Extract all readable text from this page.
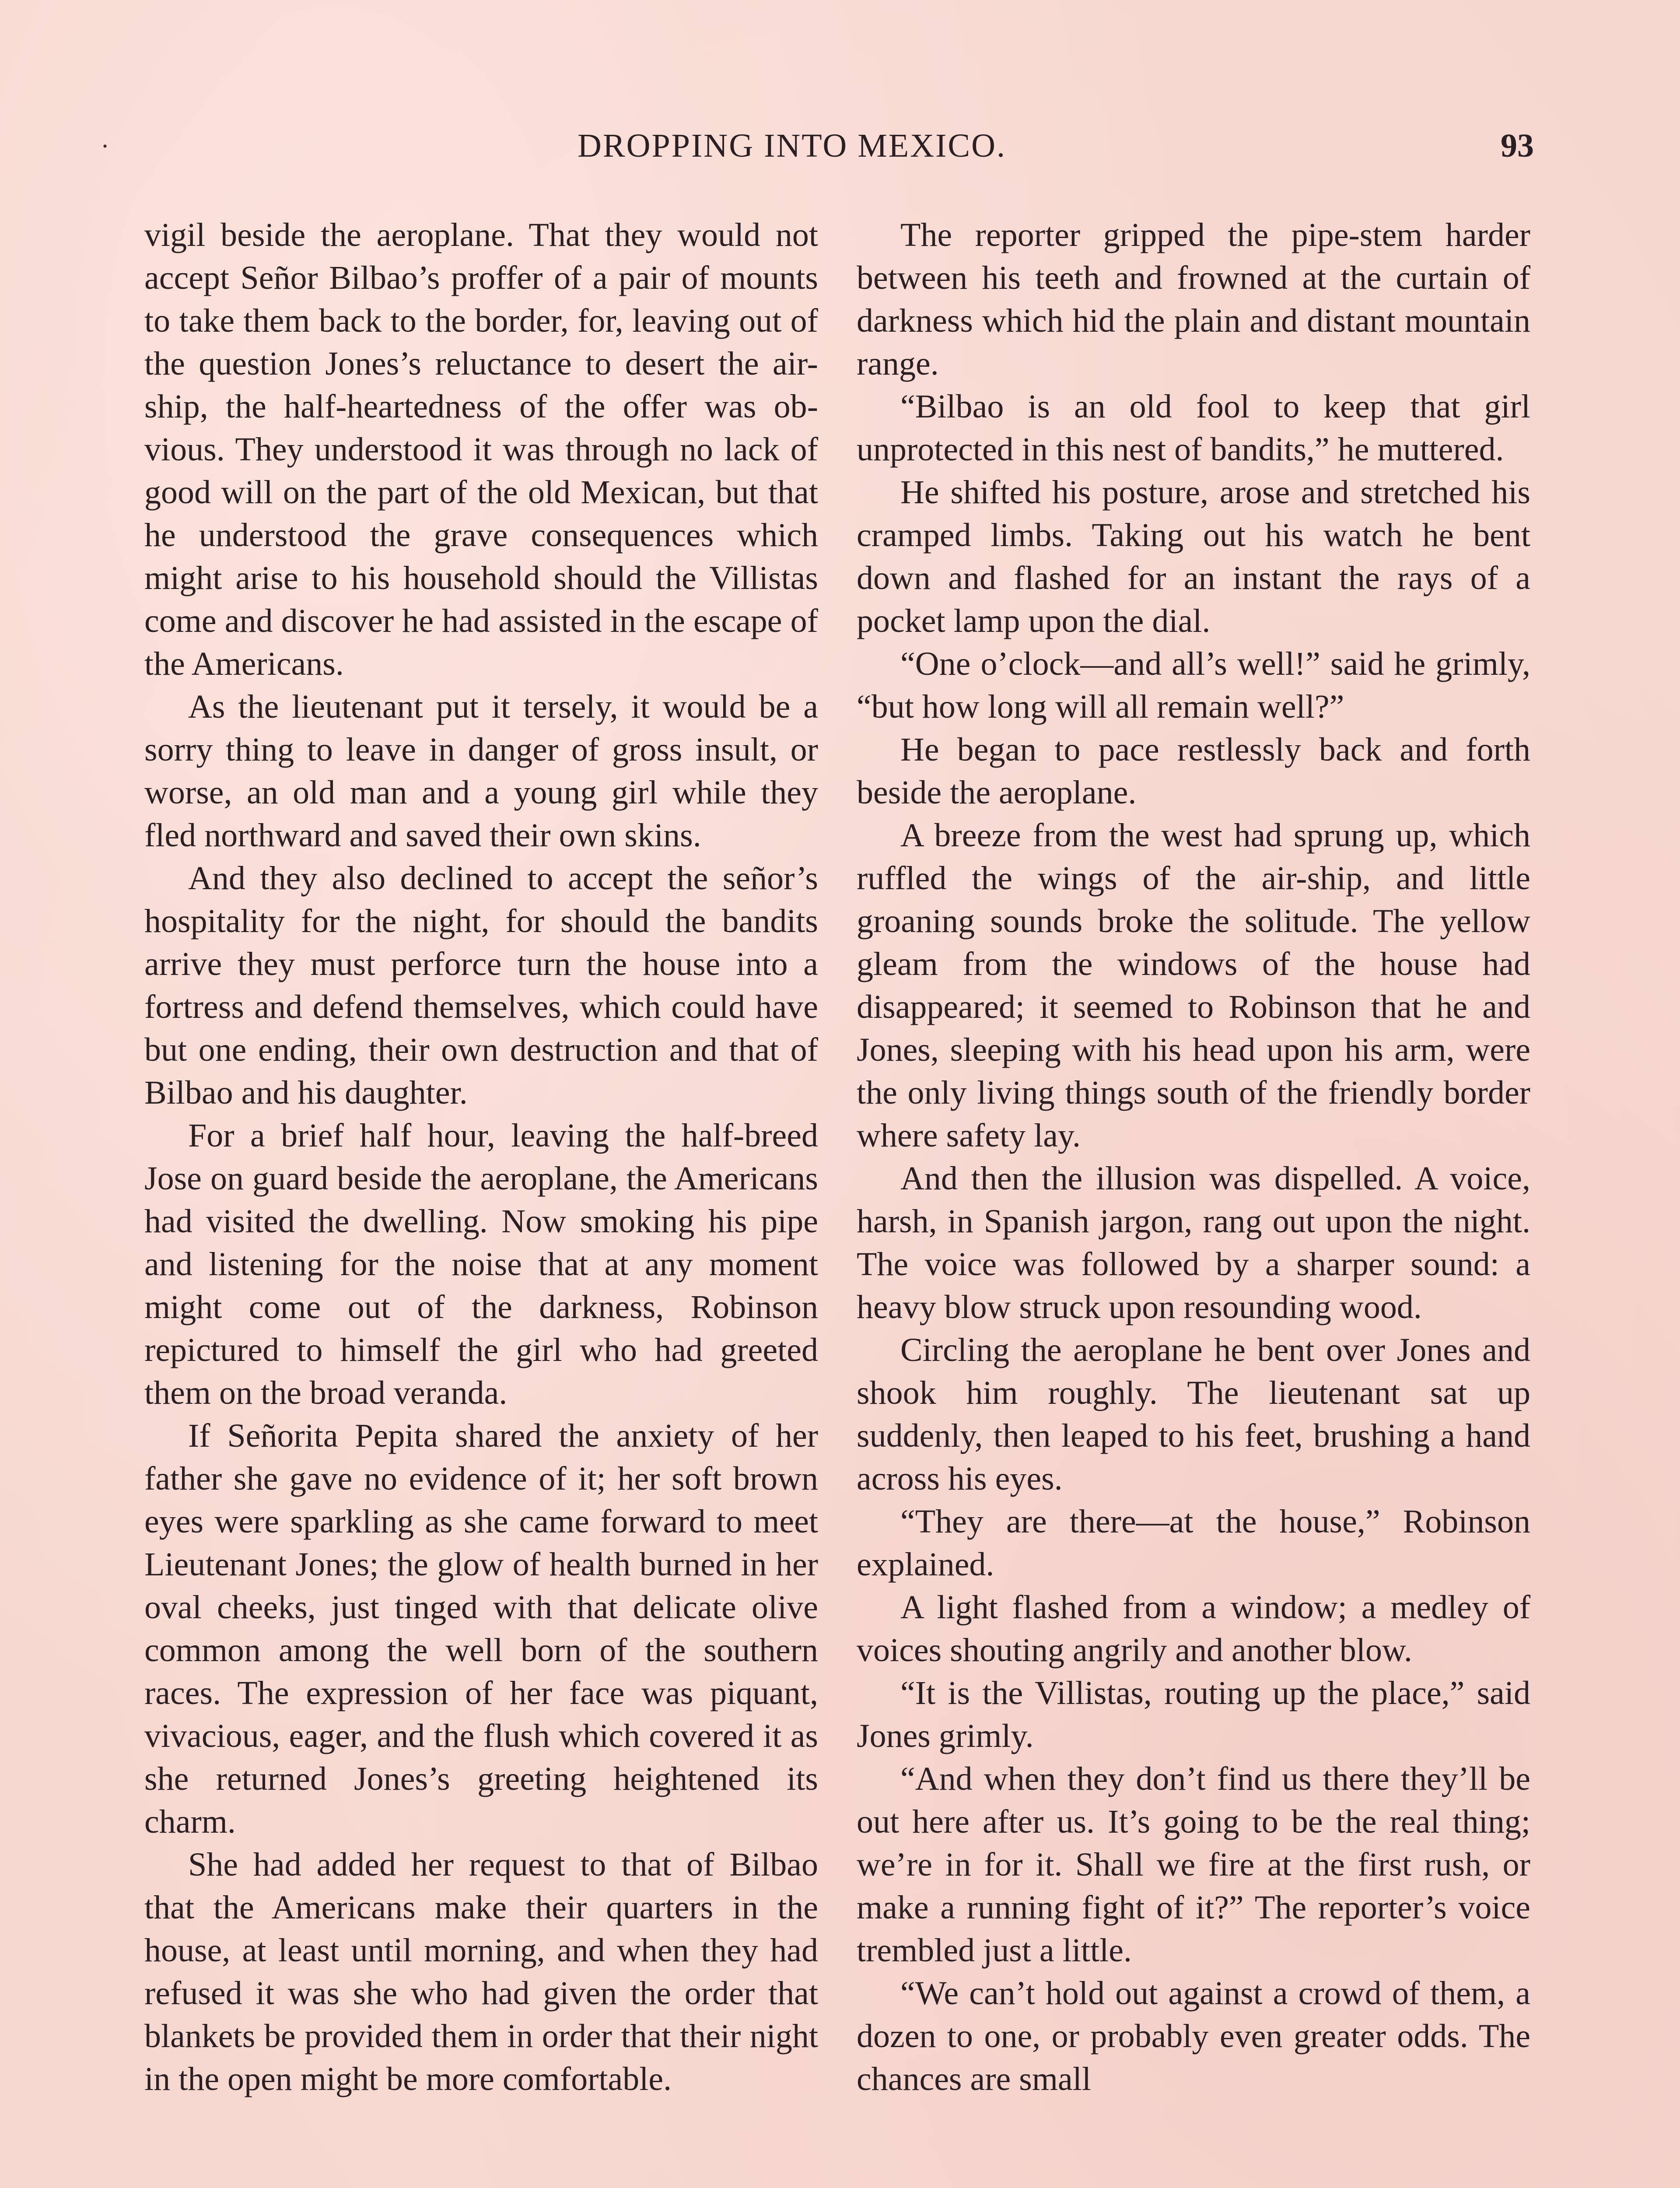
DROPPING INTO MEXICO.	93
·

vigil beside the aeroplane. That they would not accept Señor Bilbao’s proffer of a pair of mounts to take them back to the border, for, leaving out of the question Jones’s reluctance to desert the air-ship, the half-heartedness of the offer was obvious. They understood it was through no lack of good will on the part of the old Mexican, but that he understood the grave consequences which might arise to his household should the Villistas come and discover he had assisted in the escape of the Americans.

As the lieutenant put it tersely, it would be a sorry thing to leave in danger of gross insult, or worse, an old man and a young girl while they fled northward and saved their own skins.

And they also declined to accept the señor’s hospitality for the night, for should the bandits arrive they must perforce turn the house into a fortress and defend themselves, which could have but one ending, their own destruction and that of Bilbao and his daughter.

For a brief half hour, leaving the half-breed Jose on guard beside the aeroplane, the Americans had visited the dwelling. Now smoking his pipe and listening for the noise that at any moment might come out of the darkness, Robinson repictured to himself the girl who had greeted them on the broad veranda.

If Señorita Pepita shared the anxiety of her father she gave no evidence of it; her soft brown eyes were sparkling as she came forward to meet Lieutenant Jones; the glow of health burned in her oval cheeks, just tinged with that delicate olive common among the well born of the southern races. The expression of her face was piquant, vivacious, eager, and the flush which covered it as she returned Jones’s greeting heightened its charm.

She had added her request to that of Bilbao that the Americans make their quarters in the house, at least until morning, and when they had refused it was she who had given the order that blankets be provided them in order that their night in the open might be more comfortable.

The reporter gripped the pipe-stem harder between his teeth and frowned at the curtain of darkness which hid the plain and distant mountain range.

“Bilbao is an old fool to keep that girl unprotected in this nest of bandits,” he muttered.

He shifted his posture, arose and stretched his cramped limbs. Taking out his watch he bent down and flashed for an instant the rays of a pocket lamp upon the dial.

“One o’clock—and all’s well!” said he grimly, “but how long will all remain well?”

He began to pace restlessly back and forth beside the aeroplane.

A breeze from the west had sprung up, which ruffled the wings of the air-ship, and little groaning sounds broke the solitude. The yellow gleam from the windows of the house had disappeared; it seemed to Robinson that he and Jones, sleeping with his head upon his arm, were the only living things south of the friendly border where safety lay.

And then the illusion was dispelled. A voice, harsh, in Spanish jargon, rang out upon the night. The voice was followed by a sharper sound: a heavy blow struck upon resounding wood.

Circling the aeroplane he bent over Jones and shook him roughly. The lieutenant sat up suddenly, then leaped to his feet, brushing a hand across his eyes.

“They are there—at the house,” Robinson explained.

A light flashed from a window; a medley of voices shouting angrily and another blow.

“It is the Villistas, routing up the place,” said Jones grimly.

“And when they don’t find us there they’ll be out here after us. It’s going to be the real thing; we’re in for it. Shall we fire at the first rush, or make a running fight of it?” The reporter’s voice trembled just a little.

“We can’t hold out against a crowd of them, a dozen to one, or probably even greater odds. The chances are small
